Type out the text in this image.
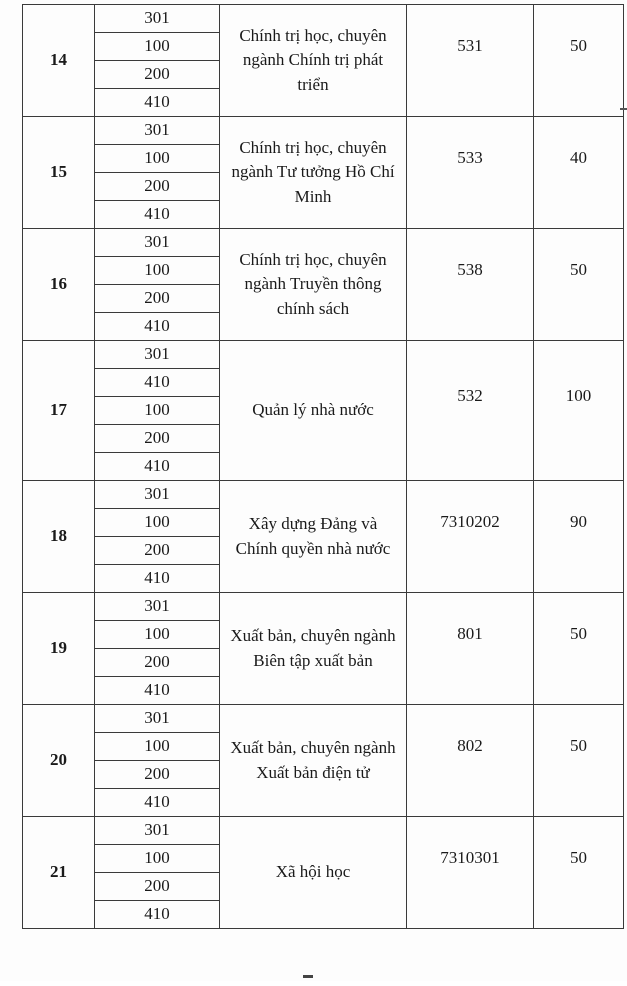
14	301	Chính trị học, chuyên ngành Chính trị phát triển	531	50
	100			
	200			
	410			
15	301	Chính trị học, chuyên ngành Tư tưởng Hồ Chí Minh	533	40
	100			
	200			
	410			
16	301	Chính trị học, chuyên ngành Truyền thông chính sách	538	50
	100			
	200			
	410			
17	301	Quản lý nhà nước	532	100
	410			
	100			
	200			
	410			
18	301	Xây dựng Đảng và Chính quyền nhà nước	7310202	90
	100			
	200			
	410			
19	301	Xuất bản, chuyên ngành Biên tập xuất bản	801	50
	100			
	200			
	410			
20	301	Xuất bản, chuyên ngành Xuất bản điện tử	802	50
	100			
	200			
	410			
21	301	Xã hội học	7310301	50
	100			
	200			
	410			
